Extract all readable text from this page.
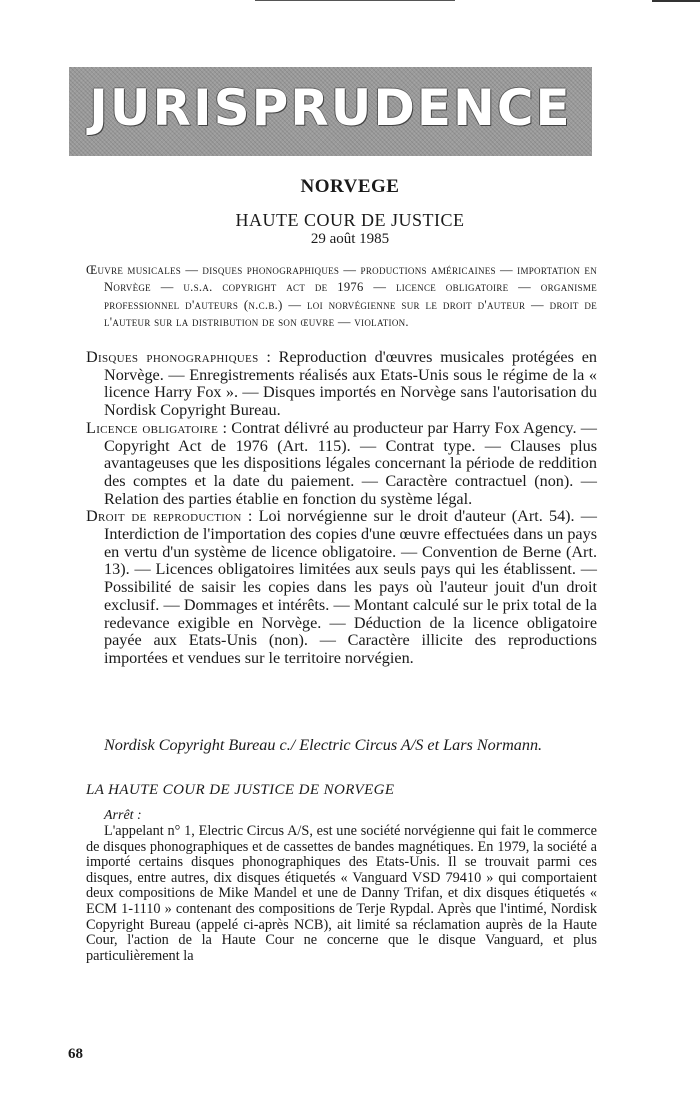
JURISPRUDENCE
NORVEGE
HAUTE COUR DE JUSTICE
29 août 1985
Œuvre musicales — disques phonographiques — productions américaines — importation en Norvège — u.s.a. copyright act de 1976 — licence obligatoire — organisme professionnel d'auteurs (n.c.b.) — loi norvégienne sur le droit d'auteur — droit de l'auteur sur la distribution de son œuvre — violation.
Disques phonographiques : Reproduction d'œuvres musicales protégées en Norvège. — Enregistrements réalisés aux Etats-Unis sous le régime de la « licence Harry Fox ». — Disques importés en Norvège sans l'autorisation du Nordisk Copyright Bureau.
Licence obligatoire : Contrat délivré au producteur par Harry Fox Agency. — Copyright Act de 1976 (Art. 115). — Contrat type. — Clauses plus avantageuses que les dispositions légales concernant la période de reddition des comptes et la date du paiement. — Caractère contractuel (non). — Relation des parties établie en fonction du système légal.
Droit de reproduction : Loi norvégienne sur le droit d'auteur (Art. 54). — Interdiction de l'importation des copies d'une œuvre effectuées dans un pays en vertu d'un système de licence obligatoire. — Convention de Berne (Art. 13). — Licences obligatoires limitées aux seuls pays qui les établissent. — Possibilité de saisir les copies dans les pays où l'auteur jouit d'un droit exclusif. — Dommages et intérêts. — Montant calculé sur le prix total de la redevance exigible en Norvège. — Déduction de la licence obligatoire payée aux Etats-Unis (non). — Caractère illicite des reproductions importées et vendues sur le territoire norvégien.
Nordisk Copyright Bureau c./ Electric Circus A/S et Lars Normann.
LA HAUTE COUR DE JUSTICE DE NORVEGE
Arrêt :
L'appelant n° 1, Electric Circus A/S, est une société norvégienne qui fait le commerce de disques phonographiques et de cassettes de bandes magnétiques. En 1979, la société a importé certains disques phonographiques des Etats-Unis. Il se trouvait parmi ces disques, entre autres, dix disques étiquetés « Vanguard VSD 79410 » qui comportaient deux compositions de Mike Mandel et une de Danny Trifan, et dix disques étiquetés « ECM 1-1110 » contenant des compositions de Terje Rypdal. Après que l'intimé, Nordisk Copyright Bureau (appelé ci-après NCB), ait limité sa réclamation auprès de la Haute Cour, l'action de la Haute Cour ne concerne que le disque Vanguard, et plus particulièrement la
68
